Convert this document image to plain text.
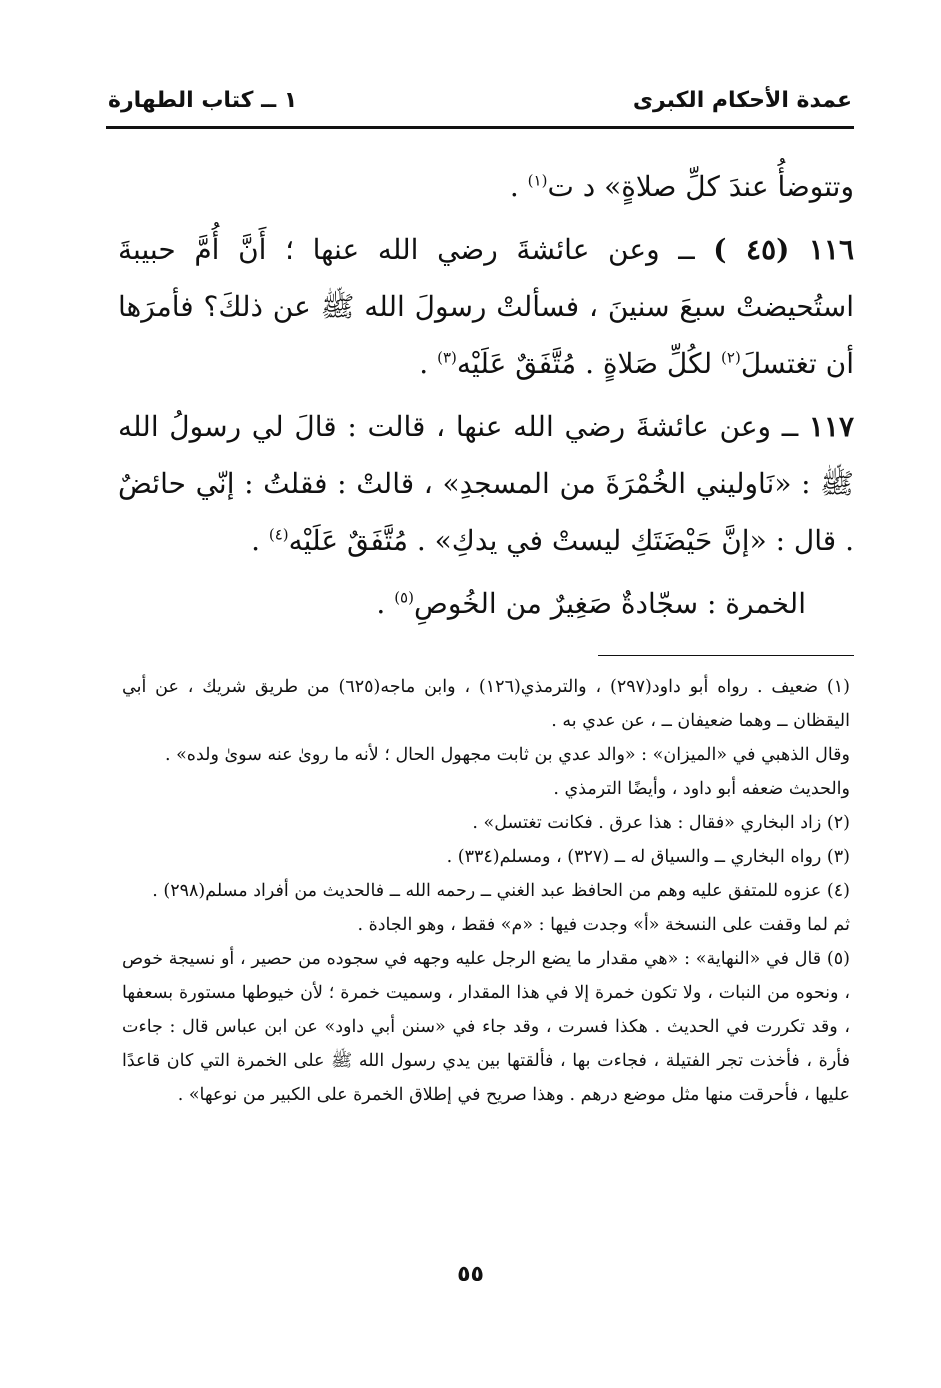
عمدة الأحكام الكبرى
١ ــ كتاب الطهارة

وتتوضأُ عندَ كلِّ صلاةٍ» د ت$^{(١)}$ .

١١٦ (٤٥ ) ــ وعن عائشةَ رضي الله عنها ؛ أَنَّ أُمَّ حبيبةَ استُحيضتْ سبعَ سنينَ ، فسألتْ رسولَ الله ﷺ عن ذلكَ؟ فأمرَها أن تغتسلَ$^{(٢)}$ لكُلِّ صَلاةٍ . مُتَّفَقٌ عَلَيْه$^{(٣)}$ .

١١٧ ــ وعن عائشةَ رضي الله عنها ، قالت : قالَ لي رسولُ الله ﷺ : «نَاوليني الخُمْرَةَ من المسجدِ» ، قالتْ : فقلتُ : إنّي حائضٌ . قال : «إنَّ حَيْضَتَكِ ليستْ في يدكِ» . مُتَّفَقٌ عَلَيْه$^{(٤)}$ .

الخمرة : سجّادةٌ صَغِيرٌ من الخُوصِ$^{(٥)}$ .

(١) ضعيف . رواه أبو داود(٢٩٧) ، والترمذي(١٢٦) ، وابن ماجه(٦٢٥) من طريق شريك ، عن أبي اليقظان ــ وهما ضعيفان ــ ، عن عدي به .

وقال الذهبي في «الميزان» : «والد عدي بن ثابت مجهول الحال ؛ لأنه ما روىٰ عنه سوىٰ ولده» .

والحديث ضعفه أبو داود ، وأيضًا الترمذي .

(٢) زاد البخاري «فقال : هذا عرق . فكانت تغتسل» .

(٣) رواه البخاري ــ والسياق له ــ (٣٢٧) ، ومسلم(٣٣٤) .

(٤) عزوه للمتفق عليه وهم من الحافظ عبد الغني ــ رحمه الله ــ فالحديث من أفراد مسلم(٢٩٨) .

ثم لما وقفت على النسخة «أ» وجدت فيها : «م» فقط ، وهو الجادة .

(٥) قال في «النهاية» : «هي مقدار ما يضع الرجل عليه وجهه في سجوده من حصير ، أو نسيجة خوص ، ونحوه من النبات ، ولا تكون خمرة إلا في هذا المقدار ، وسميت خمرة ؛ لأن خيوطها مستورة بسعفها ، وقد تكررت في الحديث . هكذا فسرت ، وقد جاء في «سنن أبي داود» عن ابن عباس قال : جاءت فأرة ، فأخذت تجر الفتيلة ، فجاءت بها ، فألقتها بين يدي رسول الله ﷺ على الخمرة التي كان قاعدًا عليها ، فأحرقت منها مثل موضع درهم . وهذا صريح في إطلاق الخمرة على الكبير من نوعها» .

٥٥
